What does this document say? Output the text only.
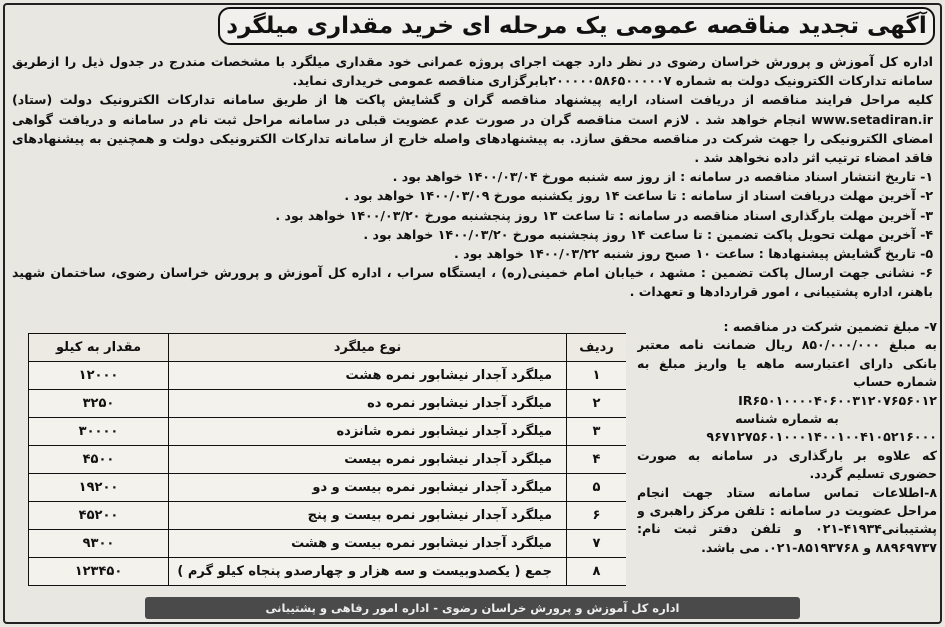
آگهی تجدید مناقصه عمومی یک مرحله ای خرید مقداری میلگرد
اداره کل آموزش و پرورش خراسان رضوی در نظر دارد جهت اجرای پروژه عمرانی خود مقداری میلگرد با مشخصات مندرج در جدول ذیل را ازطریق سامانه تدارکات الکترونیک دولت به شماره ۲۰۰۰۰۰۵۸۶۵۰۰۰۰۰۷بابرگزاری مناقصه عمومی خریداری نماید.
کلیه مراحل فرایند مناقصه از دریافت اسناد، ارایه پیشنهاد مناقصه گران و گشایش پاکت ها از طریق سامانه تدارکات الکترونیک دولت (ستاد) www.setadiran.ir انجام خواهد شد . لازم است مناقصه گران در صورت عدم عضویت قبلی در سامانه مراحل ثبت نام در سامانه و دریافت گواهی امضای الکترونیکی را جهت شرکت در مناقصه محقق سازد. به پیشنهادهای واصله خارج از سامانه تدارکات الکترونیکی دولت و همچنین به پیشنهادهای فاقد امضاء ترتیب اثر داده نخواهد شد .
۱- تاریخ انتشار اسناد مناقصه در سامانه : از روز سه شنبه مورخ ۱۴۰۰/۰۳/۰۴ خواهد بود .
۲- آخرین مهلت دریافت اسناد از سامانه : تا ساعت ۱۴ روز یکشنبه مورخ ۱۴۰۰/۰۳/۰۹ خواهد بود .
۳- آخرین مهلت بارگذاری اسناد مناقصه در سامانه : تا ساعت ۱۳ روز پنجشنبه مورخ ۱۴۰۰/۰۳/۲۰ خواهد بود .
۴- آخرین مهلت تحویل پاکت تضمین : تا ساعت ۱۴ روز پنجشنبه مورخ ۱۴۰۰/۰۳/۲۰ خواهد بود .
۵- تاریخ گشایش پیشنهادها : ساعت ۱۰ صبح روز شنبه ۱۴۰۰/۰۳/۲۲ خواهد بود .
۶- نشانی جهت ارسال پاکت تضمین : مشهد ، خیابان امام خمینی(ره) ، ایستگاه سراب ، اداره کل آموزش و پرورش خراسان رضوی، ساختمان شهید باهنر، اداره پشتیبانی ، امور قراردادها و تعهدات .
۷- مبلغ تضمین شرکت در مناقصه :
به مبلغ ۸۵۰/۰۰۰/۰۰۰ ریال ضمانت نامه معتبر بانکی دارای اعتبارسه ماهه یا واریز مبلغ به شماره حساب
IR۶۵۰۱۰۰۰۰۴۰۶۰۰۳۱۲۰۷۶۵۶۰۱۲
به شماره شناسه
۹۶۷۱۲۷۵۶۰۱۰۰۰۱۴۰۰۱۰۰۴۱۰۵۲۱۶۰۰۰
که علاوه بر بارگذاری در سامانه به صورت حضوری تسلیم گردد.
۸-اطلاعات تماس سامانه ستاد جهت انجام مراحل عضویت در سامانه : تلفن مرکز راهبری و پشتیبانی۴۱۹۳۴-۰۲۱ و تلفن دفتر ثبت نام: ۸۸۹۶۹۷۳۷ و ۸۵۱۹۳۷۶۸-۰۲۱. می باشد.
ردیف	نوع میلگرد	مقدار به کیلو
۱	میلگرد آجدار نیشابور نمره هشت	۱۲۰۰۰
۲	میلگرد آجدار نیشابور نمره ده	۳۲۵۰
۳	میلگرد آجدار نیشابور نمره شانزده	۳۰۰۰۰
۴	میلگرد آجدار نیشابور نمره بیست	۴۵۰۰
۵	میلگرد آجدار نیشابور نمره بیست و دو	۱۹۲۰۰
۶	میلگرد آجدار نیشابور نمره بیست و پنج	۴۵۲۰۰
۷	میلگرد آجدار نیشابور نمره بیست و هشت	۹۳۰۰
۸	جمع ( یکصدوبیست و سه هزار و چهارصدو پنجاه کیلو گرم )	۱۲۳۴۵۰
اداره کل آموزش و پرورش خراسان رضوی - اداره امور رفاهی و پشتیبانی
